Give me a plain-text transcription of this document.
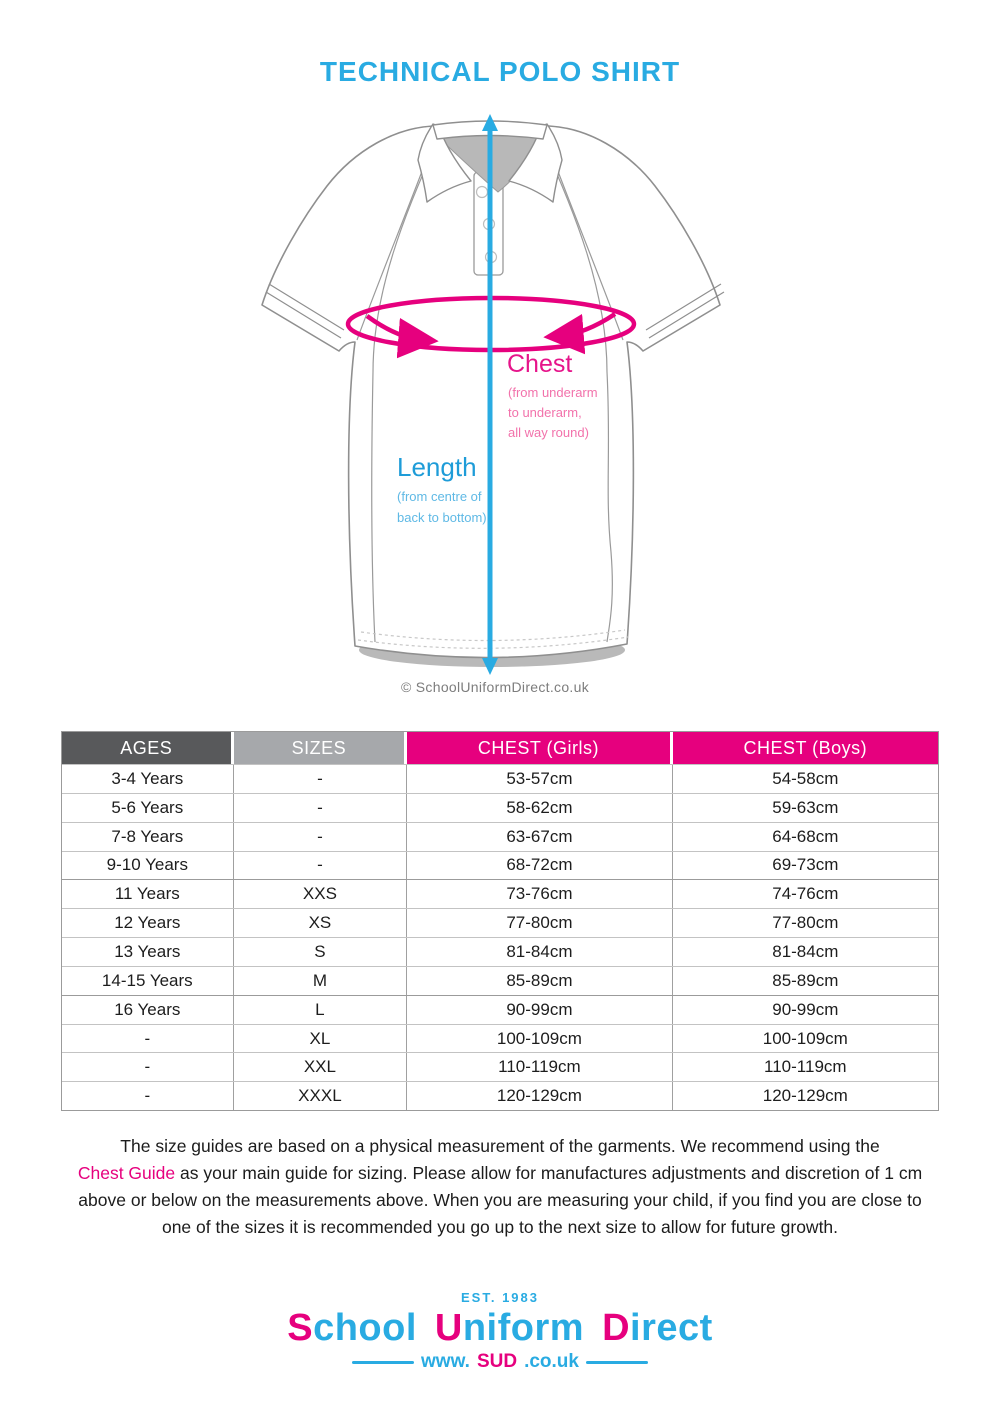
TECHNICAL POLO SHIRT
Chest
(from underarm
to underarm,
all way round)
Length
(from centre of
back to bottom)
© SchoolUniformDirect.co.uk
AGES	SIZES	CHEST (Girls)	CHEST (Boys)
3-4 Years	-	53-57cm	54-58cm
5-6 Years	-	58-62cm	59-63cm
7-8 Years	-	63-67cm	64-68cm
9-10 Years	-	68-72cm	69-73cm
11 Years	XXS	73-76cm	74-76cm
12 Years	XS	77-80cm	77-80cm
13 Years	S	81-84cm	81-84cm
14-15 Years	M	85-89cm	85-89cm
16 Years	L	90-99cm	90-99cm
-	XL	100-109cm	100-109cm
-	XXL	110-119cm	110-119cm
-	XXXL	120-129cm	120-129cm
The size guides are based on a physical measurement of the garments. We recommend using the
Chest Guide as your main guide for sizing. Please allow for manufactures adjustments and discretion of 1 cm
above or below on the measurements above. When you are measuring your child, if you find you are close to
one of the sizes it is recommended you go up to the next size to allow for future growth.
EST. 1983
School Uniform Direct
www. SUD .co.uk
